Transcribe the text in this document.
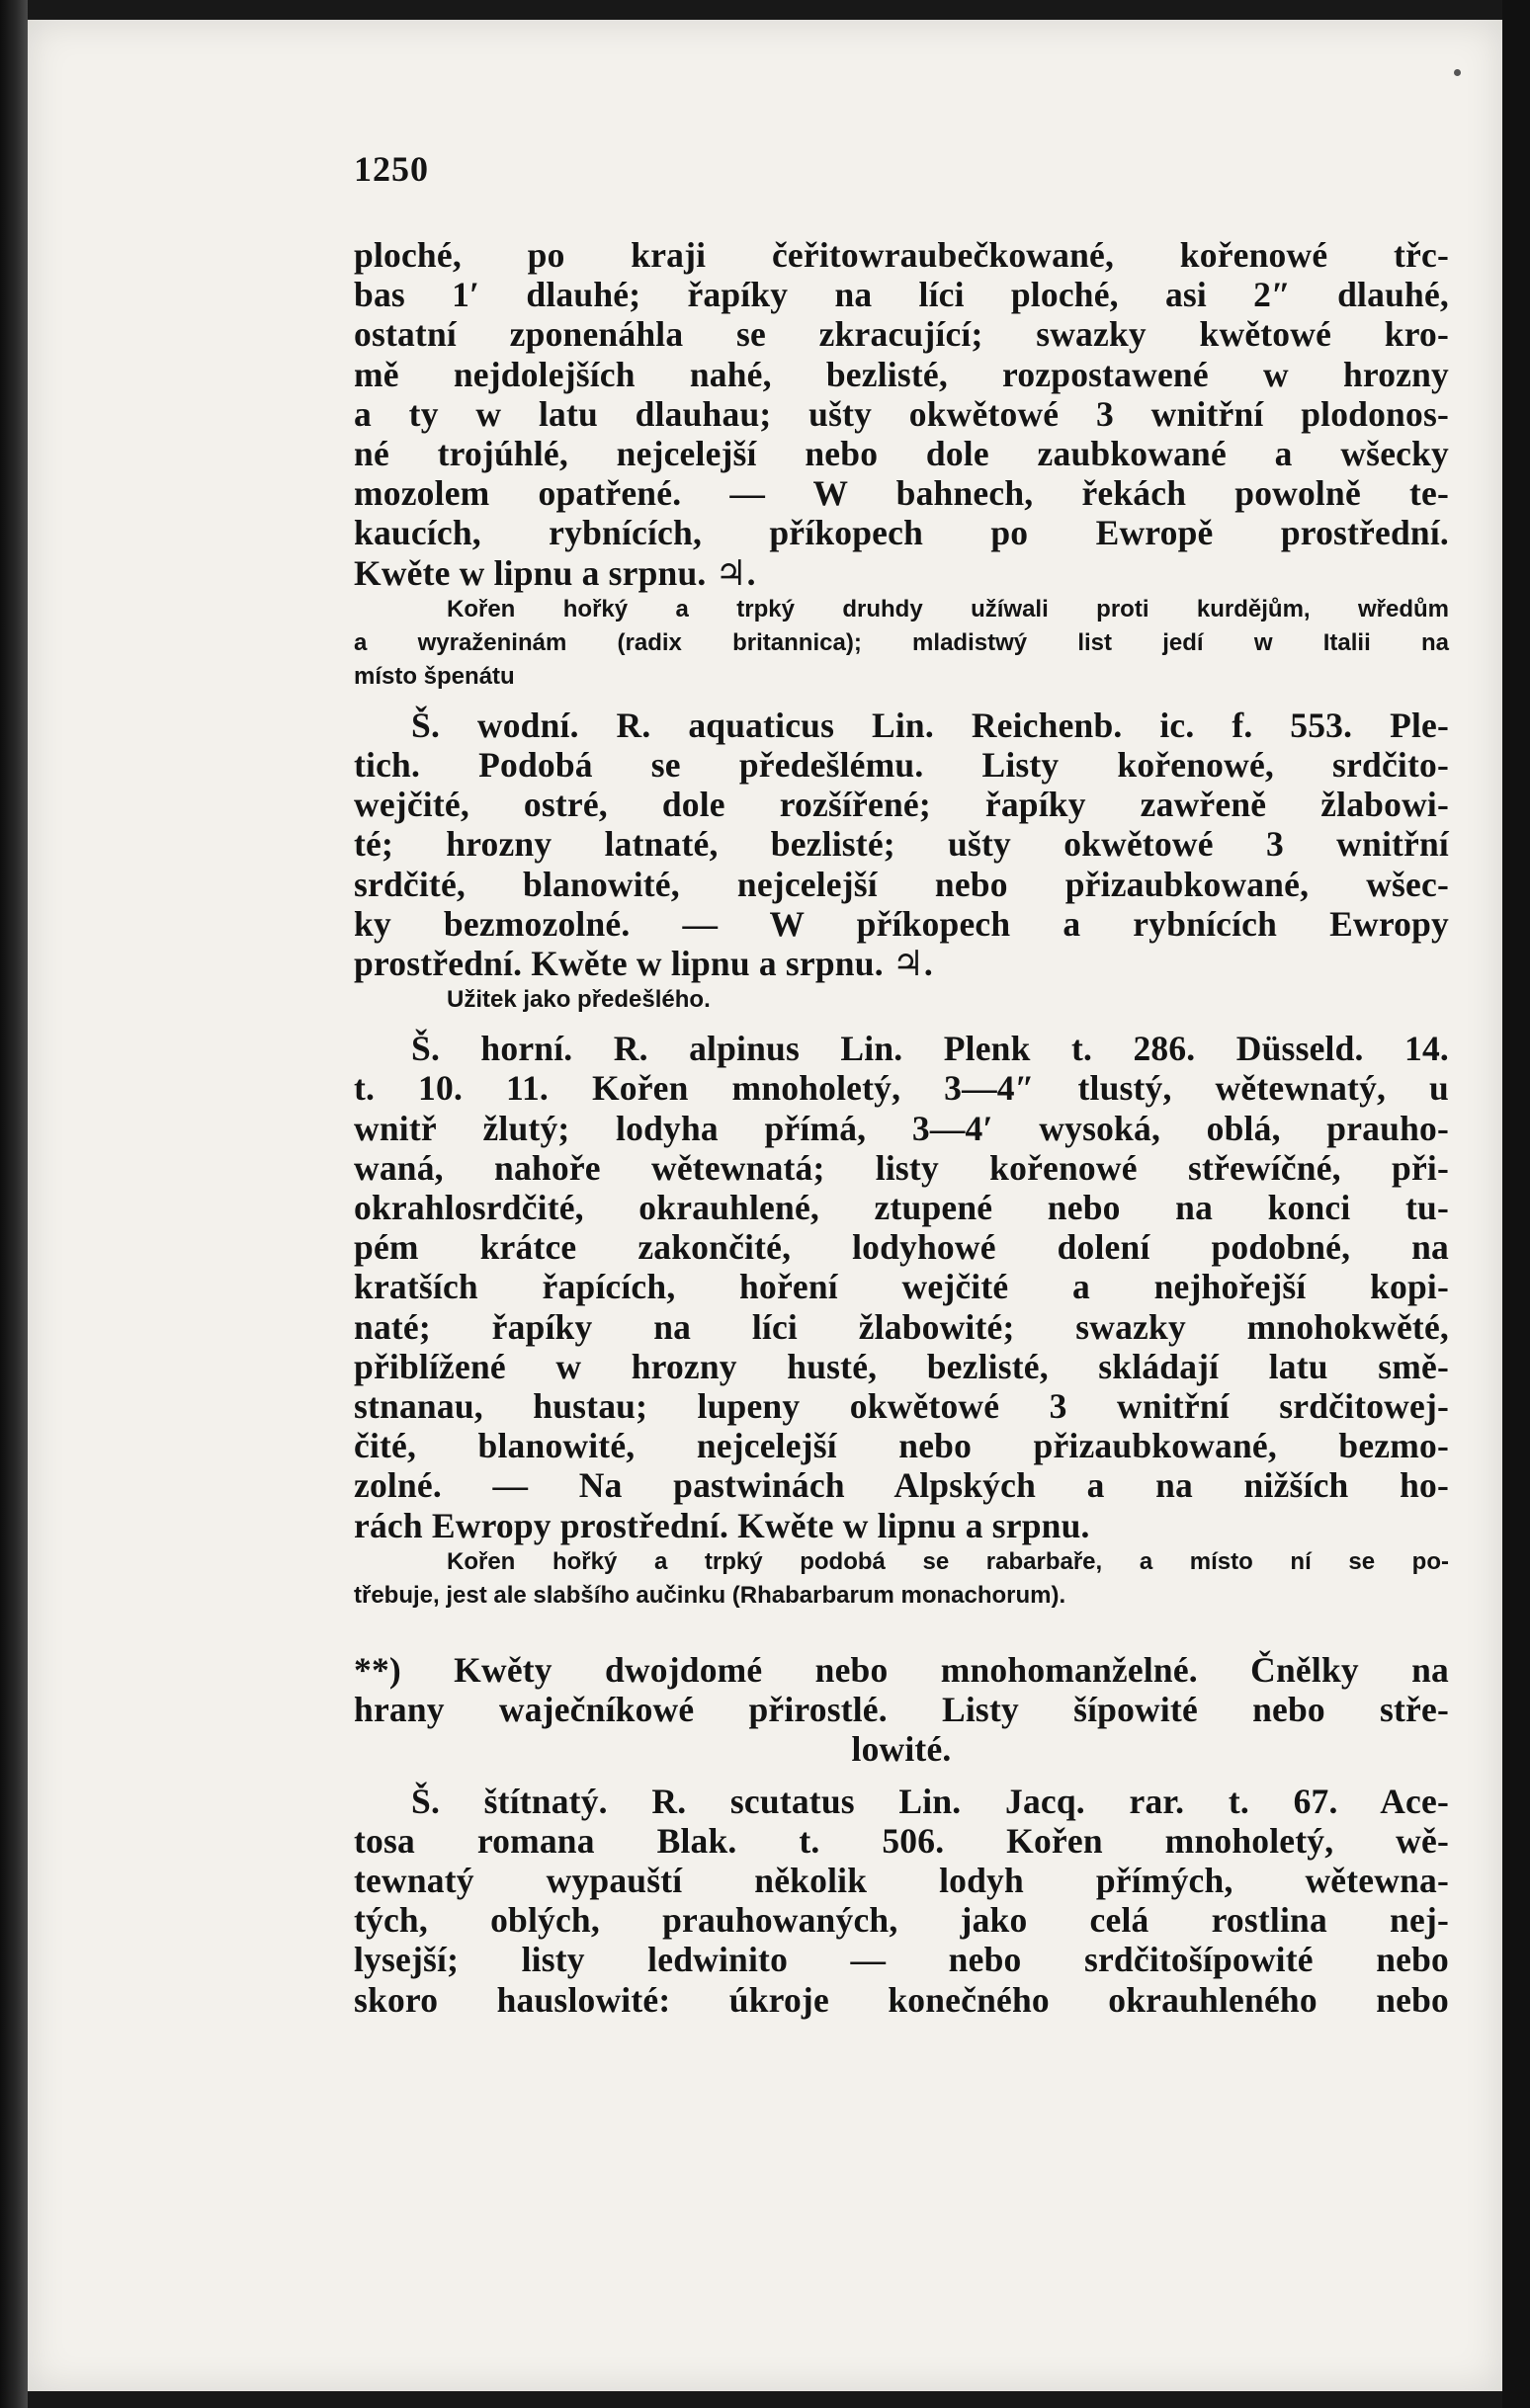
1250
ploché, po kraji čeřitowraubečkowané, kořenowé třc-
bas 1′ dlauhé; řapíky na líci ploché, asi 2″ dlauhé,
ostatní zponenáhla se zkracující; swazky kwětowé kro-
mě nejdolejších nahé, bezlisté, rozpostawené w hrozny
a ty w latu dlauhau; ušty okwětowé 3 wnitřní plodonos-
né trojúhlé, nejcelejší nebo dole zaubkowané a wšecky
mozolem opatřené. — W bahnech, řekách powolně te-
kaucích, rybnících, příkopech po Ewropě prostřední.
Kwěte w lipnu a srpnu. ♃.
Kořen hořký a trpký druhdy užíwali proti kurdějům, wředům
a wyraženinám (radix britannica); mladistwý list jedí w Italii na
místo špenátu
Š. wodní. R. aquaticus Lin. Reichenb. ic. f. 553. Ple-
tich. Podobá se předešlému. Listy kořenowé, srdčito-
wejčité, ostré, dole rozšířené; řapíky zawřeně žlabowi-
té; hrozny latnaté, bezlisté; ušty okwětowé 3 wnitřní
srdčité, blanowité, nejcelejší nebo přizaubkowané, wšec-
ky bezmozolné. — W příkopech a rybnících Ewropy
prostřední. Kwěte w lipnu a srpnu. ♃.
Užitek jako předešlého.
Š. horní. R. alpinus Lin. Plenk t. 286. Düsseld. 14.
t. 10. 11. Kořen mnoholetý, 3—4″ tlustý, wětewnatý, u
wnitř žlutý; lodyha přímá, 3—4′ wysoká, oblá, prauho-
waná, nahoře wětewnatá; listy kořenowé střewíčné, při-
okrahlosrdčité, okrauhlené, ztupené nebo na konci tu-
pém krátce zakončité, lodyhowé dolení podobné, na
kratších řapících, hoření wejčité a nejhořejší kopi-
naté; řapíky na líci žlabowité; swazky mnohokwěté,
přiblížené w hrozny husté, bezlisté, skládají latu smě-
stnanau, hustau; lupeny okwětowé 3 wnitřní srdčitowej-
čité, blanowité, nejcelejší nebo přizaubkowané, bezmo-
zolné. — Na pastwinách Alpských a na nižších ho-
rách Ewropy prostřední. Kwěte w lipnu a srpnu.
Kořen hořký a trpký podobá se rabarbaře, a místo ní se po-
třebuje, jest ale slabšího aučinku (Rhabarbarum monachorum).
**) Kwěty dwojdomé nebo mnohomanželné. Čnělky na
hrany waječníkowé přirostlé. Listy šípowité nebo stře-
lowité.
Š. štítnatý. R. scutatus Lin. Jacq. rar. t. 67. Ace-
tosa romana Blak. t. 506. Kořen mnoholetý, wě-
tewnatý wypauští několik lodyh přímých, wětewna-
tých, oblých, prauhowaných, jako celá rostlina nej-
lysejší; listy ledwinito — nebo srdčitošípowité nebo
skoro hauslowité: úkroje konečného okrauhleného nebo
